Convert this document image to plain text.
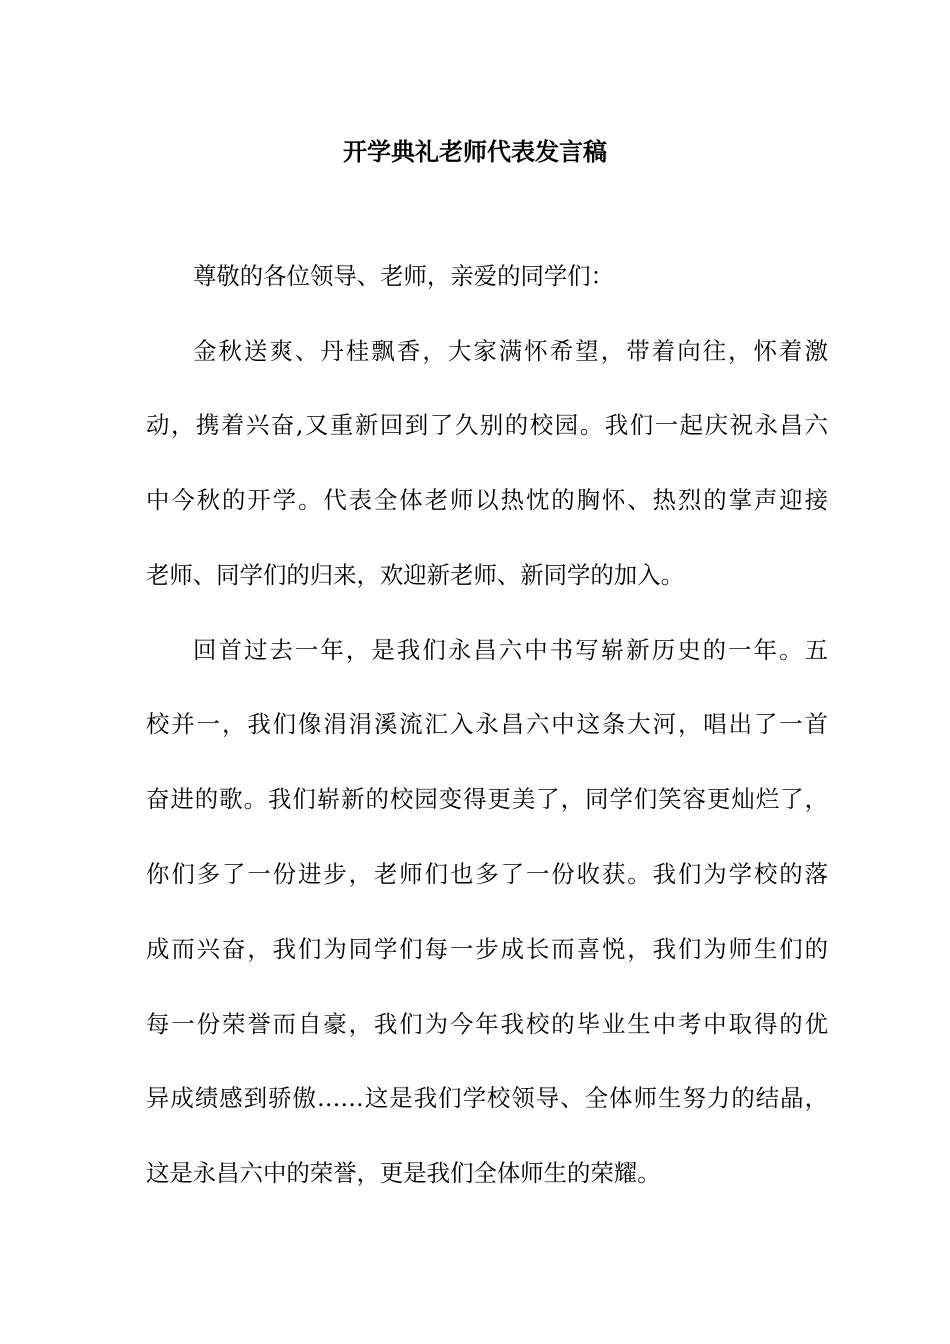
开学典礼老师代表发言稿

尊敬的各位领导、老师，亲爱的同学们：

金秋送爽、丹桂飘香，大家满怀希望，带着向往，怀着激

动，携着兴奋,又重新回到了久别的校园。我们一起庆祝永昌六

中今秋的开学。代表全体老师以热忱的胸怀、热烈的掌声迎接

老师、同学们的归来，欢迎新老师、新同学的加入。

回首过去一年，是我们永昌六中书写崭新历史的一年。五

校并一，我们像涓涓溪流汇入永昌六中这条大河，唱出了一首

奋进的歌。我们崭新的校园变得更美了，同学们笑容更灿烂了，

你们多了一份进步，老师们也多了一份收获。我们为学校的落

成而兴奋，我们为同学们每一步成长而喜悦，我们为师生们的

每一份荣誉而自豪，我们为今年我校的毕业生中考中取得的优

异成绩感到骄傲……这是我们学校领导、全体师生努力的结晶，

这是永昌六中的荣誉，更是我们全体师生的荣耀。
